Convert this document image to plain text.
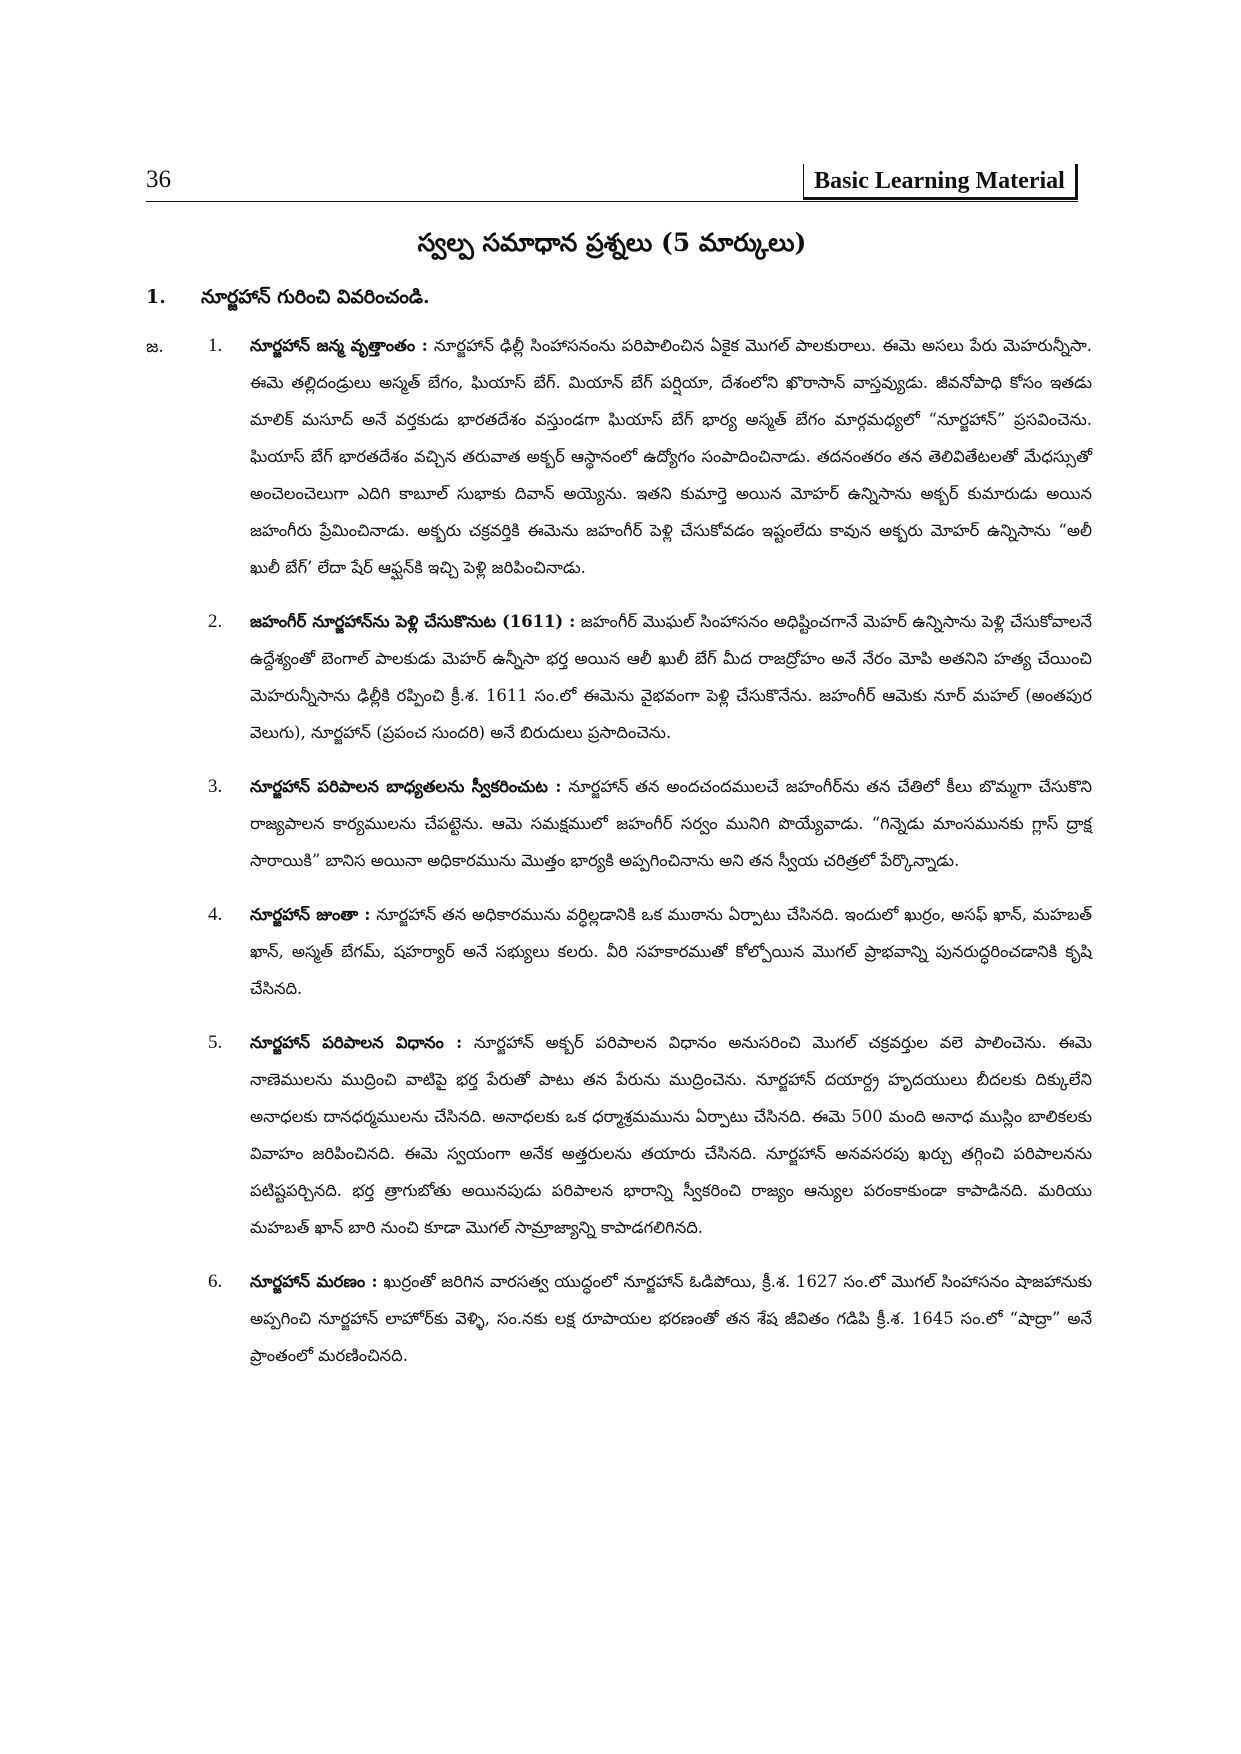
36	Basic Learning Material
స్వల్ప సమాధాన ప్రశ్నలు (5 మార్కులు)
1. నూర్జహాన్ గురించి వివరించండి.
జ. 1. నూర్జహాన్ జన్మ వృత్తాంతం : నూర్జహాన్ ఢిల్లీ సింహాసనంను పరిపాలించిన ఏకైక మొగల్ పాలకురాలు. ఈమె అసలు పేరు మెహరున్నీసా. ఈమె తల్లిదండ్రులు అస్మత్ బేగం, ఘియాస్ బేగ్. మియాన్ బేగ్ పర్షియా, దేశంలోని ఖొరాసాన్ వాస్తవ్యుడు. జీవనోపాధి కోసం ఇతడు మాలిక్ మసూద్ అనే వర్తకుడు భారతదేశం వస్తుండగా ఘియాస్ బేగ్ భార్య అస్మత్ బేగం మార్గమధ్యలో “నూర్జహాన్” ప్రసవించెను. ఘియాస్ బేగ్ భారతదేశం వచ్చిన తరువాత అక్బర్ ఆస్థానంలో ఉద్యోగం సంపాదించినాడు. తదనంతరం తన తెలివితేటలతో మేధస్సుతో అంచెలంచెలుగా ఎదిగి కాబూల్ సుభాకు దివాన్ అయ్యెను. ఇతని కుమార్తె అయిన మోహర్ ఉన్నిసాను అక్బర్ కుమారుడు అయిన జహంగీరు ప్రేమించినాడు. అక్బరు చక్రవర్తికి ఈమెను జహంగీర్ పెళ్లి చేసుకోవడం ఇష్టంలేదు కావున అక్బరు మోహర్ ఉన్నిసాను “అలీ ఖులీ బేగ్’ లేదా షేర్ ఆఫ్ఘన్‌కి ఇచ్చి పెళ్లి జరిపించినాడు.
2. జహంగీర్ నూర్జహాన్‌ను పెళ్లి చేసుకొనుట (1611) : జహంగీర్ మొఘల్ సింహాసనం అధిష్టించగానే మెహర్ ఉన్నిసాను పెళ్లి చేసుకోవాలనే ఉద్దేశ్యంతో బెంగాల్ పాలకుడు మెహర్ ఉన్నీసా భర్త అయిన ఆలీ ఖులీ బేగ్ మీద రాజద్రోహం అనే నేరం మోపి అతనిని హత్య చేయించి మెహరున్నీసాను ఢిల్లీకి రప్పించి క్రీ.శ. 1611 సం.లో ఈమెను వైభవంగా పెళ్లి చేసుకొనేను. జహంగీర్ ఆమెకు నూర్ మహల్ (అంతపుర వెలుగు), నూర్జహాన్ (ప్రపంచ సుందరి) అనే బిరుదులు ప్రసాదించెను.
3. నూర్జహాన్ పరిపాలన బాధ్యతలను స్వీకరించుట : నూర్జహాన్ తన అందచందములచే జహంగీర్‌ను తన చేతిలో కీలు బొమ్మగా చేసుకొని రాజ్యపాలన కార్యములను చేపట్టెను. ఆమె సమక్షములో జహంగీర్ సర్వం మునిగి పొయ్యేవాడు. “గిన్నెడు మాంసమునకు గ్లాస్ ద్రాక్ష సారాయికి” బానిస అయినా అధికారమును మొత్తం భార్యకి అప్పగించినాను అని తన స్వీయ చరిత్రలో పేర్కొన్నాడు.
4. నూర్జహాన్ జుంతా : నూర్జహాన్ తన అధికారమును వర్ధిల్లడానికి ఒక ముఠాను ఏర్పాటు చేసినది. ఇందులో ఖుర్రం, అసఫ్ ఖాన్, మహబత్ ఖాన్, అస్మత్ బేగమ్, షహర్యార్ అనే సభ్యులు కలరు. వీరి సహకారముతో కోల్పోయిన మొగల్ ప్రాభవాన్ని పునరుద్ధరించడానికి కృషి చేసినది.
5. నూర్జహాన్ పరిపాలన విధానం : నూర్జహాన్ అక్బర్ పరిపాలన విధానం అనుసరించి మొగల్ చక్రవర్తుల వలె పాలించెను. ఈమె నాణెములను ముద్రించి వాటిపై భర్త పేరుతో పాటు తన పేరును ముద్రించెను. నూర్జహాన్ దయార్ద్ర హృదయులు బీదలకు దిక్కులేని అనాధలకు దానధర్మములను చేసినది. అనాధలకు ఒక ధర్మాశ్రమమును ఏర్పాటు చేసినది. ఈమె 500 మంది అనాధ ముస్లిం బాలికలకు వివాహం జరిపించినది. ఈమె స్వయంగా అనేక అత్తరులను తయారు చేసినది. నూర్జహాన్ అనవసరపు ఖర్చు తగ్గించి పరిపాలనను పటిష్టపర్చినది. భర్త త్రాగుబోతు అయినపుడు పరిపాలన భారాన్ని స్వీకరించి రాజ్యం ఆన్యుల పరంకాకుండా కాపాడినది. మరియు మహబత్ ఖాన్ బారి నుంచి కూడా మొగల్ సామ్రాజ్యాన్ని కాపాడగలిగినది.
6. నూర్జహాన్ మరణం : ఖుర్రంతో జరిగిన వారసత్వ యుద్ధంలో నూర్జహాన్ ఓడిపోయి, క్రీ.శ. 1627 సం.లో మొగల్ సింహాసనం షాజహానుకు అప్పగించి నూర్జహాన్ లాహోర్‌కు వెళ్ళి, సం.నకు లక్ష రూపాయల భరణంతో తన శేష జీవితం గడిపి క్రీ.శ. 1645 సం.లో “షాద్రా” అనే ప్రాంతంలో మరణించినది.
